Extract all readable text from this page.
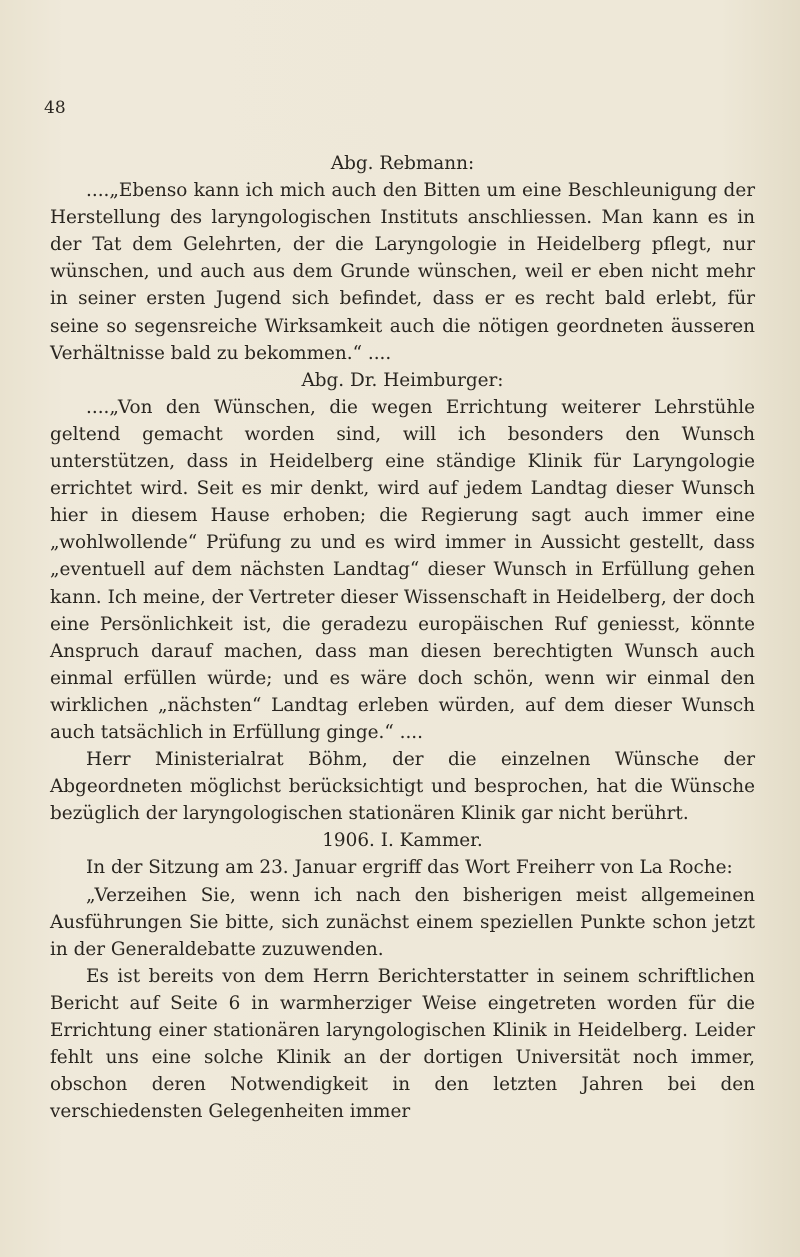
48

Abg. Rebmann:

....„Ebenso kann ich mich auch den Bitten um eine Beschleunigung der Herstellung des laryngologischen Instituts anschliessen. Man kann es in der Tat dem Gelehrten, der die Laryngologie in Heidelberg pflegt, nur wünschen, und auch aus dem Grunde wünschen, weil er eben nicht mehr in seiner ersten Jugend sich befindet, dass er es recht bald erlebt, für seine so segensreiche Wirksamkeit auch die nötigen geordneten äusseren Verhältnisse bald zu bekommen.“ ....

Abg. Dr. Heimburger:

....„Von den Wünschen, die wegen Errichtung weiterer Lehrstühle geltend gemacht worden sind, will ich besonders den Wunsch unterstützen, dass in Heidelberg eine ständige Klinik für Laryngologie errichtet wird. Seit es mir denkt, wird auf jedem Landtag dieser Wunsch hier in diesem Hause erhoben; die Regierung sagt auch immer eine „wohlwollende“ Prüfung zu und es wird immer in Aussicht gestellt, dass „eventuell auf dem nächsten Landtag“ dieser Wunsch in Erfüllung gehen kann. Ich meine, der Vertreter dieser Wissenschaft in Heidelberg, der doch eine Persönlichkeit ist, die geradezu europäischen Ruf geniesst, könnte Anspruch darauf machen, dass man diesen berechtigten Wunsch auch einmal erfüllen würde; und es wäre doch schön, wenn wir einmal den wirklichen „nächsten“ Landtag erleben würden, auf dem dieser Wunsch auch tatsächlich in Erfüllung ginge.“ ....

Herr Ministerialrat Böhm, der die einzelnen Wünsche der Abgeordneten möglichst berücksichtigt und besprochen, hat die Wünsche bezüglich der laryngologischen stationären Klinik gar nicht berührt.

1906. I. Kammer.

In der Sitzung am 23. Januar ergriff das Wort Freiherr von La Roche:

„Verzeihen Sie, wenn ich nach den bisherigen meist allgemeinen Ausführungen Sie bitte, sich zunächst einem speziellen Punkte schon jetzt in der Generaldebatte zuzuwenden.

Es ist bereits von dem Herrn Berichterstatter in seinem schriftlichen Bericht auf Seite 6 in warmherziger Weise eingetreten worden für die Errichtung einer stationären laryngologischen Klinik in Heidelberg. Leider fehlt uns eine solche Klinik an der dortigen Universität noch immer, obschon deren Notwendigkeit in den letzten Jahren bei den verschiedensten Gelegenheiten immer
